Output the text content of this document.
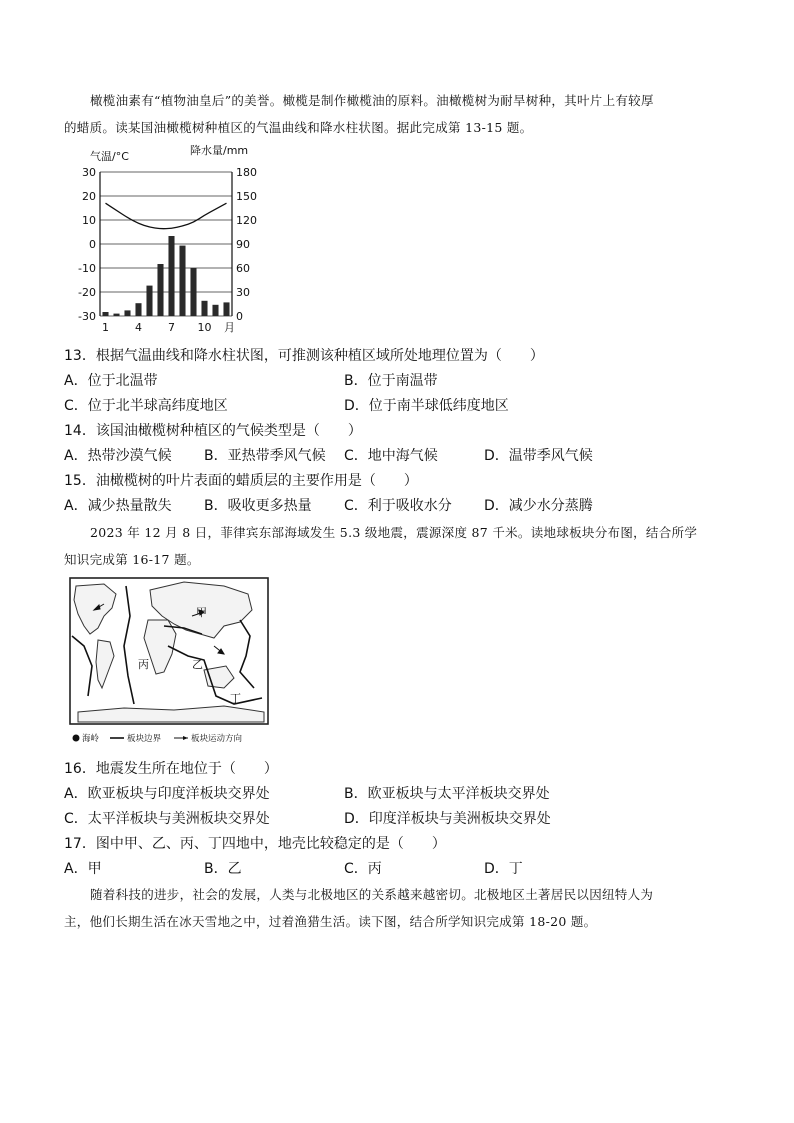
橄榄油素有“植物油皇后”的美誉。橄榄是制作橄榄油的原料。油橄榄树为耐旱树种，其叶片上有较厚
的蜡质。读某国油橄榄树种植区的气温曲线和降水柱状图。据此完成第 13-15 题。
气温/°C	降水量/mm
30	180
20	150
10	120
0	90
-10	60
-20	30
-30	0
1 4 7 10 月
13．根据气温曲线和降水柱状图，可推测该种植区域所处地理位置为（　　）
A．位于北温带	B．位于南温带
C．位于北半球高纬度地区	D．位于南半球低纬度地区
14．该国油橄榄树种植区的气候类型是（　　）
A．热带沙漠气候 B．亚热带季风气候 C．地中海气候	D．温带季风气候
15．油橄榄树的叶片表面的蜡质层的主要作用是（　　）
A．减少热量散失 B．吸收更多热量 C．利于吸收水分 D．减少水分蒸腾
2023 年 12 月 8 日，菲律宾东部海域发生 5.3 级地震，震源深度 87 千米。读地球板块分布图，结合所学
知识完成第 16-17 题。
甲
乙
丙
丁
海岭	板块边界	板块运动方向
16．地震发生所在地位于（　　）
A．欧亚板块与印度洋板块交界处	B．欧亚板块与太平洋板块交界处
C．太平洋板块与美洲板块交界处	D．印度洋板块与美洲板块交界处
17．图中甲、乙、丙、丁四地中，地壳比较稳定的是（　　）
A．甲	B．乙	C．丙	D．丁
随着科技的进步，社会的发展，人类与北极地区的关系越来越密切。北极地区土著居民以因纽特人为
主，他们长期生活在冰天雪地之中，过着渔猎生活。读下图，结合所学知识完成第 18-20 题。
